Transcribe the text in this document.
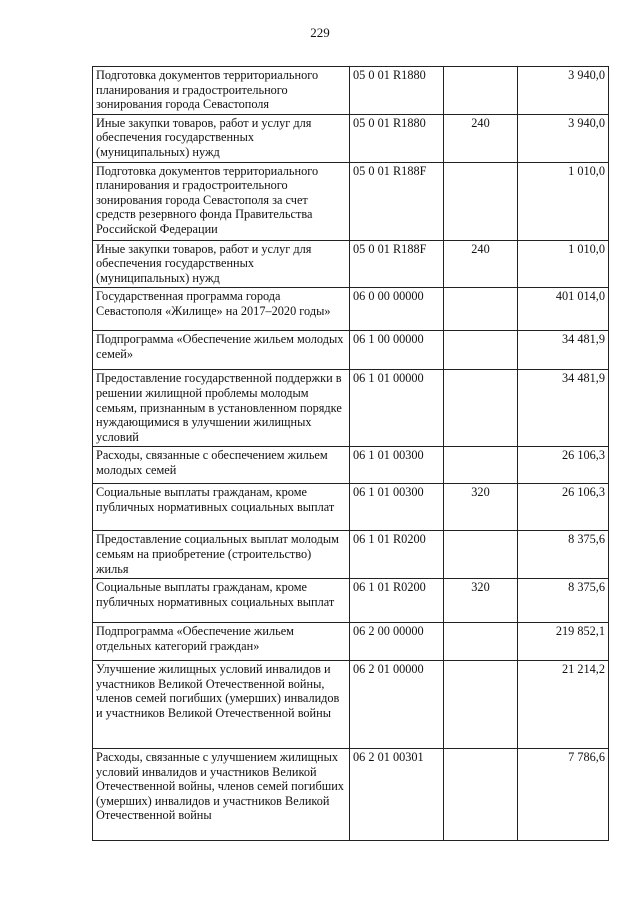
229
Подготовка документов территориального планирования и градостроительного зонирования города Севастополя	05 0 01 R1880		3 940,0
Иные закупки товаров, работ и услуг для обеспечения государственных (муниципальных) нужд	05 0 01 R1880	240	3 940,0
Подготовка документов территориального планирования и градостроительного зонирования города Севастополя за счет средств резервного фонда Правительства Российской Федерации	05 0 01 R188F		1 010,0
Иные закупки товаров, работ и услуг для обеспечения государственных (муниципальных) нужд	05 0 01 R188F	240	1 010,0
Государственная программа города Севастополя «Жилище» на 2017–2020 годы»	06 0 00 00000		401 014,0
Подпрограмма «Обеспечение жильем молодых семей»	06 1 00 00000		34 481,9
Предоставление государственной поддержки в решении жилищной проблемы молодым семьям, признанным в установленном порядке нуждающимися в улучшении жилищных условий	06 1 01 00000		34 481,9
Расходы, связанные с обеспечением жильем молодых семей	06 1 01 00300		26 106,3
Социальные выплаты гражданам, кроме публичных нормативных социальных выплат	06 1 01 00300	320	26 106,3
Предоставление социальных выплат молодым семьям на приобретение (строительство) жилья	06 1 01 R0200		8 375,6
Социальные выплаты гражданам, кроме публичных нормативных социальных выплат	06 1 01 R0200	320	8 375,6
Подпрограмма «Обеспечение жильем отдельных категорий граждан»	06 2 00 00000		219 852,1
Улучшение жилищных условий инвалидов и участников Великой Отечественной войны, членов семей погибших (умерших) инвалидов и участников Великой Отечественной войны	06 2 01 00000		21 214,2
Расходы, связанные с улучшением жилищных условий инвалидов и участников Великой Отечественной войны, членов семей погибших (умерших) инвалидов и участников Великой Отечественной войны	06 2 01 00301		7 786,6
